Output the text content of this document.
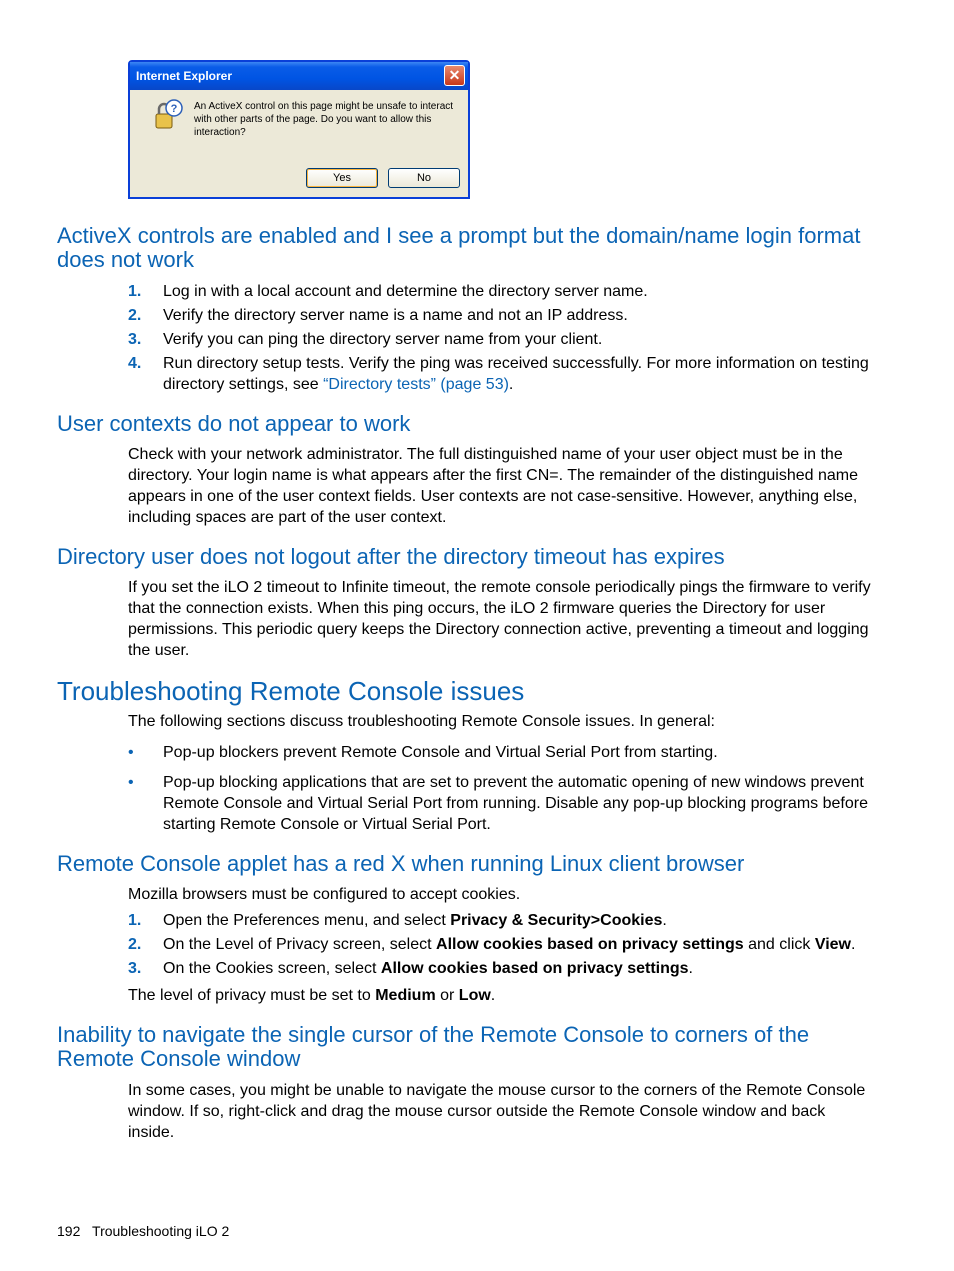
Internet Explorer	✕
? An ActiveX control on this page might be unsafe to interact with other parts of the page. Do you want to allow this interaction?
Yes	No
ActiveX controls are enabled and I see a prompt but the domain/name login format does not work
1. Log in with a local account and determine the directory server name.
2. Verify the directory server name is a name and not an IP address.
3. Verify you can ping the directory server name from your client.
4. Run directory setup tests. Verify the ping was received successfully. For more information on testing directory settings, see “Directory tests” (page 53).
User contexts do not appear to work
Check with your network administrator. The full distinguished name of your user object must be in the directory. Your login name is what appears after the first CN=. The remainder of the distinguished name appears in one of the user context fields. User contexts are not case-sensitive. However, anything else, including spaces are part of the user context.
Directory user does not logout after the directory timeout has expires
If you set the iLO 2 timeout to Infinite timeout, the remote console periodically pings the firmware to verify that the connection exists. When this ping occurs, the iLO 2 firmware queries the Directory for user permissions. This periodic query keeps the Directory connection active, preventing a timeout and logging the user.
Troubleshooting Remote Console issues
The following sections discuss troubleshooting Remote Console issues. In general:
• Pop-up blockers prevent Remote Console and Virtual Serial Port from starting.
• Pop-up blocking applications that are set to prevent the automatic opening of new windows prevent Remote Console and Virtual Serial Port from running. Disable any pop-up blocking programs before starting Remote Console or Virtual Serial Port.
Remote Console applet has a red X when running Linux client browser
Mozilla browsers must be configured to accept cookies.
1. Open the Preferences menu, and select Privacy & Security>Cookies.
2. On the Level of Privacy screen, select Allow cookies based on privacy settings and click View.
3. On the Cookies screen, select Allow cookies based on privacy settings.
The level of privacy must be set to Medium or Low.
Inability to navigate the single cursor of the Remote Console to corners of the Remote Console window
In some cases, you might be unable to navigate the mouse cursor to the corners of the Remote Console window. If so, right-click and drag the mouse cursor outside the Remote Console window and back inside.
192 Troubleshooting iLO 2
